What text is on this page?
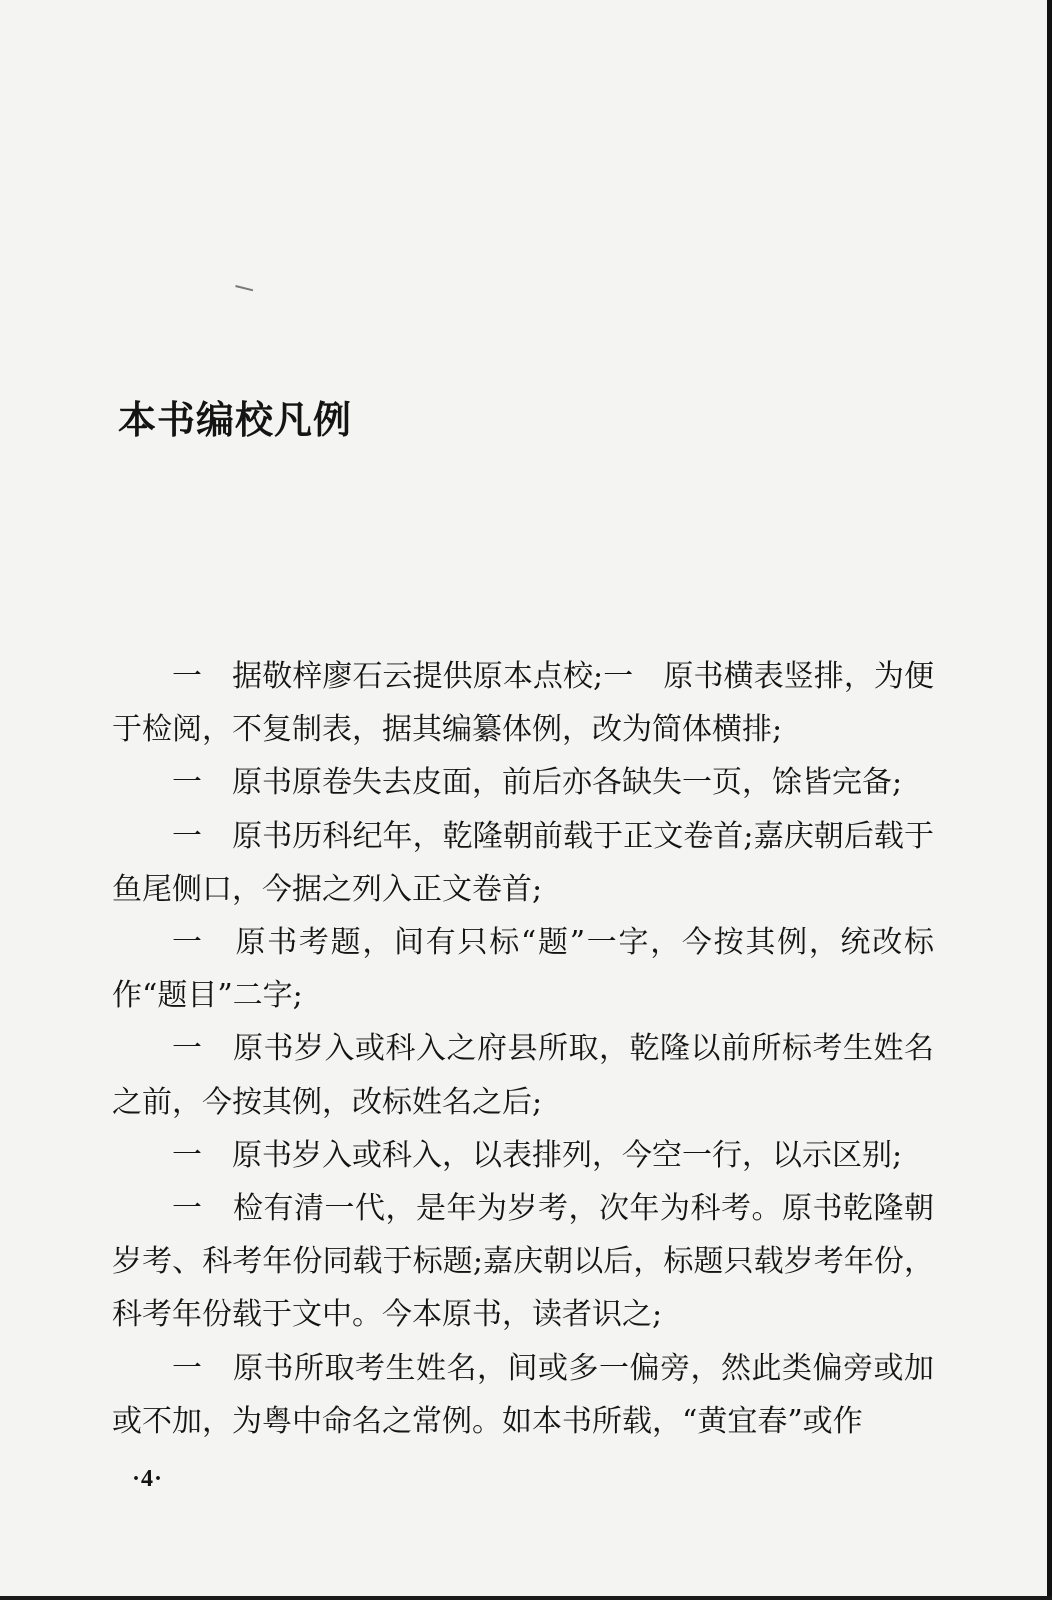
本书编校凡例

一　据敬梓廖石云提供原本点校;一　原书横表竖排，为便于检阅，不复制表，据其编纂体例，改为简体横排;

一　原书原卷失去皮面，前后亦各缺失一页，馀皆完备;

一　原书历科纪年，乾隆朝前载于正文卷首;嘉庆朝后载于鱼尾侧口，今据之列入正文卷首;

一　原书考题，间有只标“题”一字，今按其例，统改标作“题目”二字;

一　原书岁入或科入之府县所取，乾隆以前所标考生姓名之前，今按其例，改标姓名之后;

一　原书岁入或科入，以表排列，今空一行，以示区别;

一　检有清一代，是年为岁考，次年为科考。原书乾隆朝岁考、科考年份同载于标题;嘉庆朝以后，标题只载岁考年份，科考年份载于文中。今本原书，读者识之;

一　原书所取考生姓名，间或多一偏旁，然此类偏旁或加或不加，为粤中命名之常例。如本书所载，“黄宜春”或作

·4·
